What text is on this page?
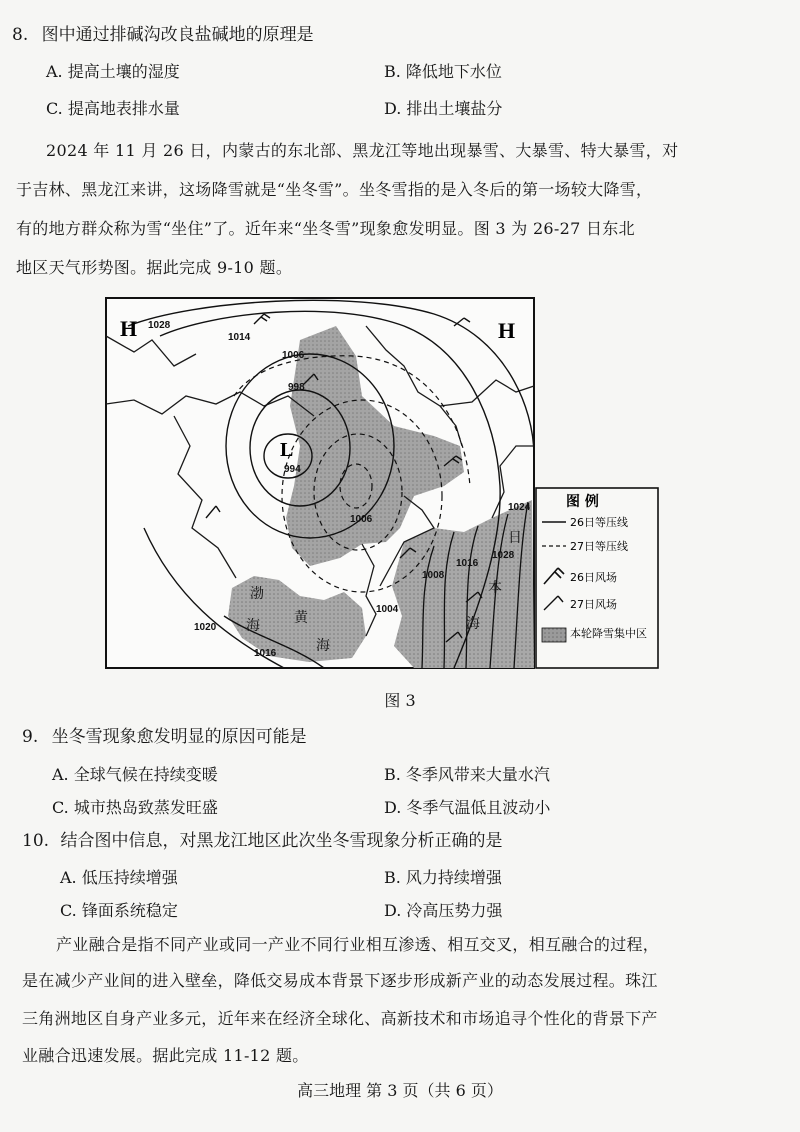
8. 图中通过排碱沟改良盐碱地的原理是
A. 提高土壤的湿度	B. 降低地下水位
C. 提高地表排水量	D. 排出土壤盐分
2024 年 11 月 26 日，内蒙古的东北部、黑龙江等地出现暴雪、大暴雪、特大暴雪，对
于吉林、黑龙江来讲，这场降雪就是“坐冬雪”。坐冬雪指的是入冬后的第一场较大降雪，
有的地方群众称为雪“坐住”了。近年来“坐冬雪”现象愈发明显。图 3 为 26-27 日东北
地区天气形势图。据此完成 9-10 题。
H	H
L
1028
1014
1006
998
994
1006
1024
1028
1016
1008
1004
1016
1020
渤
海 黄
海
日
本
海
图 例
26日等压线
27日等压线
26日风场
27日风场
本轮降雪集中区
图 3
9. 坐冬雪现象愈发明显的原因可能是
A. 全球气候在持续变暖	B. 冬季风带来大量水汽
C. 城市热岛致蒸发旺盛	D. 冬季气温低且波动小
10. 结合图中信息，对黑龙江地区此次坐冬雪现象分析正确的是
A. 低压持续增强	B. 风力持续增强
C. 锋面系统稳定	D. 冷高压势力强
产业融合是指不同产业或同一产业不同行业相互渗透、相互交叉，相互融合的过程，
是在减少产业间的进入壁垒，降低交易成本背景下逐步形成新产业的动态发展过程。珠江
三角洲地区自身产业多元，近年来在经济全球化、高新技术和市场追寻个性化的背景下产
业融合迅速发展。据此完成 11-12 题。
高三地理 第 3 页（共 6 页）
